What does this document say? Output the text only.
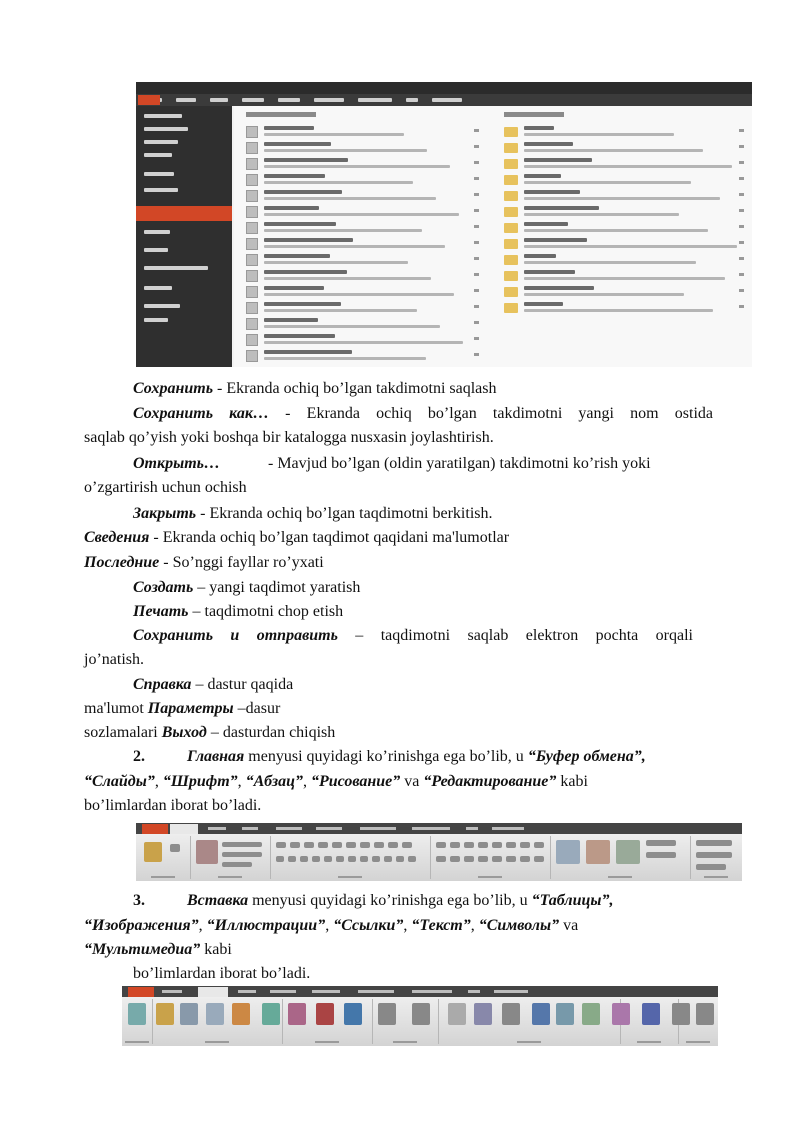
Сохранить - Ekranda ochiq bo’lgan takdimotni saqlash
Сохранить как… - Ekranda ochiq bo’lgan takdimotni yangi nom ostida
saqlab qo’yish yoki boshqa bir katalogga nusxasin joylashtirish.
Открыть…	- Mavjud bo’lgan (oldin yaratilgan) takdimotni ko’rish yoki
o’zgartirish uchun ochish
Закрыть - Ekranda ochiq bo’lgan taqdimotni berkitish.
Сведения - Ekranda ochiq bo’lgan taqdimot qaqidani ma'lumotlar
Последние - So’nggi fayllar ro’yxati
Создать – yangi taqdimot yaratish
Печать – taqdimotni chop etish
Сохранить и отправить – taqdimotni saqlab elektron pochta orqali
jo’natish.
Справка – dastur qaqida
ma'lumot Параметры –dasur
sozlamalari Выход – dasturdan chiqish
2.	Главная menyusi quyidagi ko’rinishga ega bo’lib, u “Буфер обмена”,
“Слайды”, “Шрифт”, “Абзац”, “Рисование” va “Редактирование” kabi
bo’limlardan iborat bo’ladi.
3.	Вставка menyusi quyidagi ko’rinishga ega bo’lib, u “Таблицы”,
“Изображения”, “Иллюстрации”, “Ссылки”, “Текст”, “Символы” va
“Мультимедиа” kabi
bo’limlardan iborat bo’ladi.
